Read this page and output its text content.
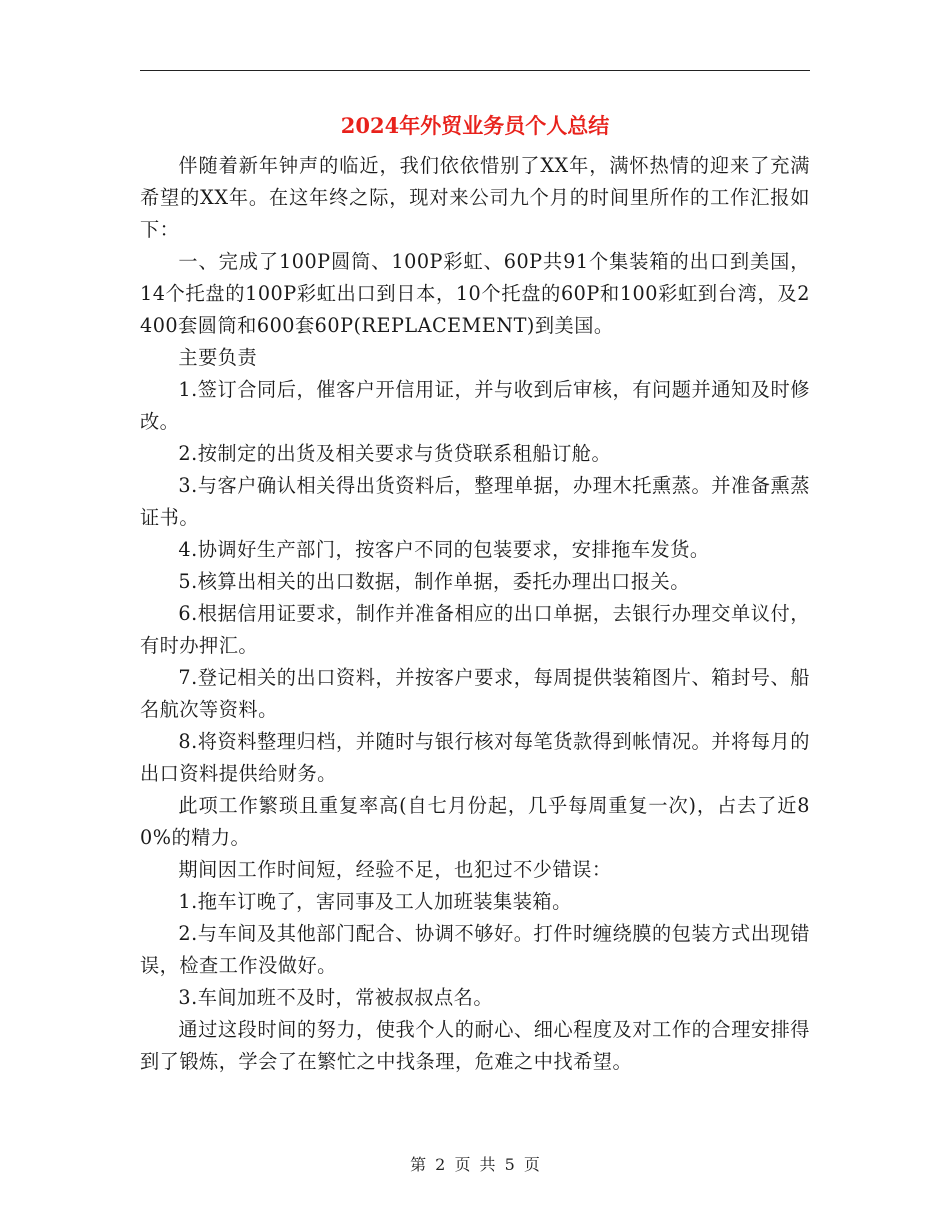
2024年外贸业务员个人总结

伴随着新年钟声的临近，我们依依惜别了XX年，满怀热情的迎来了充满希望的XX年。在这年终之际，现对来公司九个月的时间里所作的工作汇报如下：

一、完成了100P圆筒、100P彩虹、60P共91个集装箱的出口到美国，14个托盘的100P彩虹出口到日本，10个托盘的60P和100彩虹到台湾，及2400套圆筒和600套60P(REPLACEMENT)到美国。

主要负责

1.签订合同后，催客户开信用证，并与收到后审核，有问题并通知及时修改。

2.按制定的出货及相关要求与货贷联系租船订舱。

3.与客户确认相关得出货资料后，整理单据，办理木托熏蒸。并准备熏蒸证书。

4.协调好生产部门，按客户不同的包装要求，安排拖车发货。

5.核算出相关的出口数据，制作单据，委托办理出口报关。

6.根据信用证要求，制作并准备相应的出口单据，去银行办理交单议付，有时办押汇。

7.登记相关的出口资料，并按客户要求，每周提供装箱图片、箱封号、船名航次等资料。

8.将资料整理归档，并随时与银行核对每笔货款得到帐情况。并将每月的出口资料提供给财务。

此项工作繁琐且重复率高(自七月份起，几乎每周重复一次)，占去了近80%的精力。

期间因工作时间短，经验不足，也犯过不少错误：

1.拖车订晚了，害同事及工人加班装集装箱。

2.与车间及其他部门配合、协调不够好。打件时缠绕膜的包装方式出现错误，检查工作没做好。

3.车间加班不及时，常被叔叔点名。

通过这段时间的努力，使我个人的耐心、细心程度及对工作的合理安排得到了锻炼，学会了在繁忙之中找条理，危难之中找希望。

第 2 页 共 5 页
